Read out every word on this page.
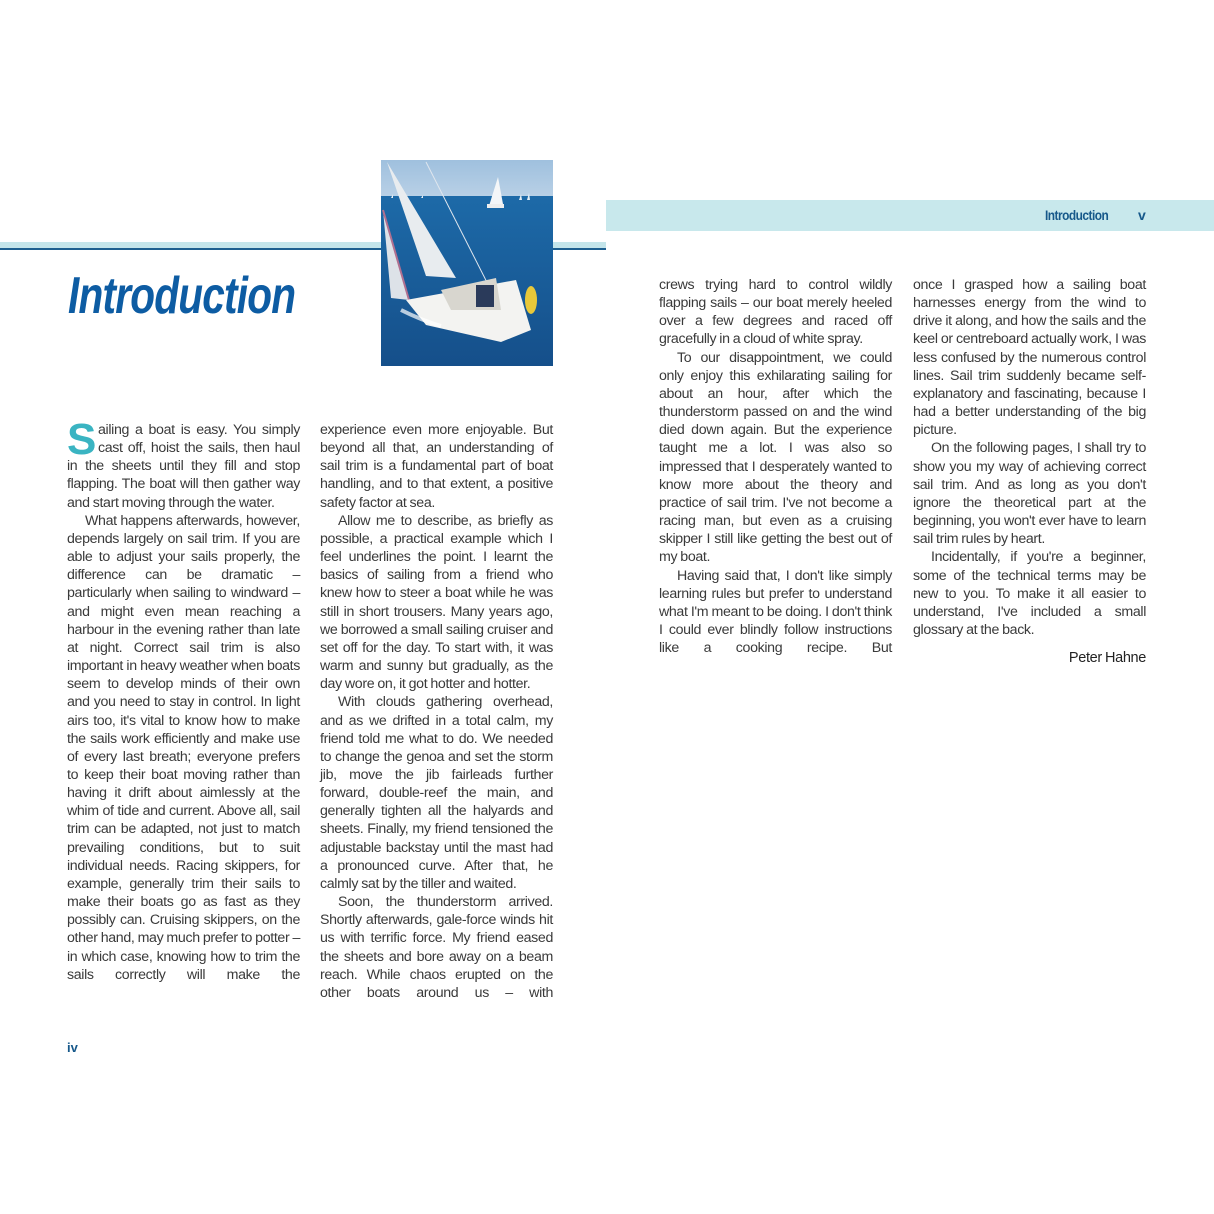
Introduction v
Introduction

Sailing a boat is easy. You simply cast off, hoist the sails, then haul in the sheets until they fill and stop flapping. The boat will then gather way and start moving through the water.

What happens afterwards, however, depends largely on sail trim. If you are able to adjust your sails properly, the difference can be dramatic – particularly when sailing to windward – and might even mean reaching a harbour in the evening rather than late at night. Correct sail trim is also important in heavy weather when boats seem to develop minds of their own and you need to stay in control. In light airs too, it's vital to know how to make the sails work efficiently and make use of every last breath; everyone prefers to keep their boat moving rather than having it drift about aimlessly at the whim of tide and current. Above all, sail trim can be adapted, not just to match prevailing conditions, but to suit individual needs. Racing skippers, for example, generally trim their sails to make their boats go as fast as they possibly can. Cruising skippers, on the other hand, may much prefer to potter – in which case, knowing how to trim the sails correctly will make the

experience even more enjoyable. But beyond all that, an understanding of sail trim is a fundamental part of boat handling, and to that extent, a positive safety factor at sea.

Allow me to describe, as briefly as possible, a practical example which I feel underlines the point. I learnt the basics of sailing from a friend who knew how to steer a boat while he was still in short trousers. Many years ago, we borrowed a small sailing cruiser and set off for the day. To start with, it was warm and sunny but gradually, as the day wore on, it got hotter and hotter.

With clouds gathering overhead, and as we drifted in a total calm, my friend told me what to do. We needed to change the genoa and set the storm jib, move the jib fairleads further forward, double-reef the main, and generally tighten all the halyards and sheets. Finally, my friend tensioned the adjustable backstay until the mast had a pronounced curve. After that, he calmly sat by the tiller and waited.

Soon, the thunderstorm arrived. Shortly afterwards, gale-force winds hit us with terrific force. My friend eased the sheets and bore away on a beam reach. While chaos erupted on the other boats around us – with

crews trying hard to control wildly flapping sails – our boat merely heeled over a few degrees and raced off gracefully in a cloud of white spray.

To our disappointment, we could only enjoy this exhilarating sailing for about an hour, after which the thunderstorm passed on and the wind died down again. But the experience taught me a lot. I was also so impressed that I desperately wanted to know more about the theory and practice of sail trim. I've not become a racing man, but even as a cruising skipper I still like getting the best out of my boat.

Having said that, I don't like simply learning rules but prefer to understand what I'm meant to be doing. I don't think I could ever blindly follow instructions like a cooking recipe. But

once I grasped how a sailing boat harnesses energy from the wind to drive it along, and how the sails and the keel or centreboard actually work, I was less confused by the numerous control lines. Sail trim suddenly became self-explanatory and fascinating, because I had a better understanding of the big picture.

On the following pages, I shall try to show you my way of achieving correct sail trim. And as long as you don't ignore the theoretical part at the beginning, you won't ever have to learn sail trim rules by heart.

Incidentally, if you're a beginner, some of the technical terms may be new to you. To make it all easier to understand, I've included a small glossary at the back.

Peter Hahne
iv
